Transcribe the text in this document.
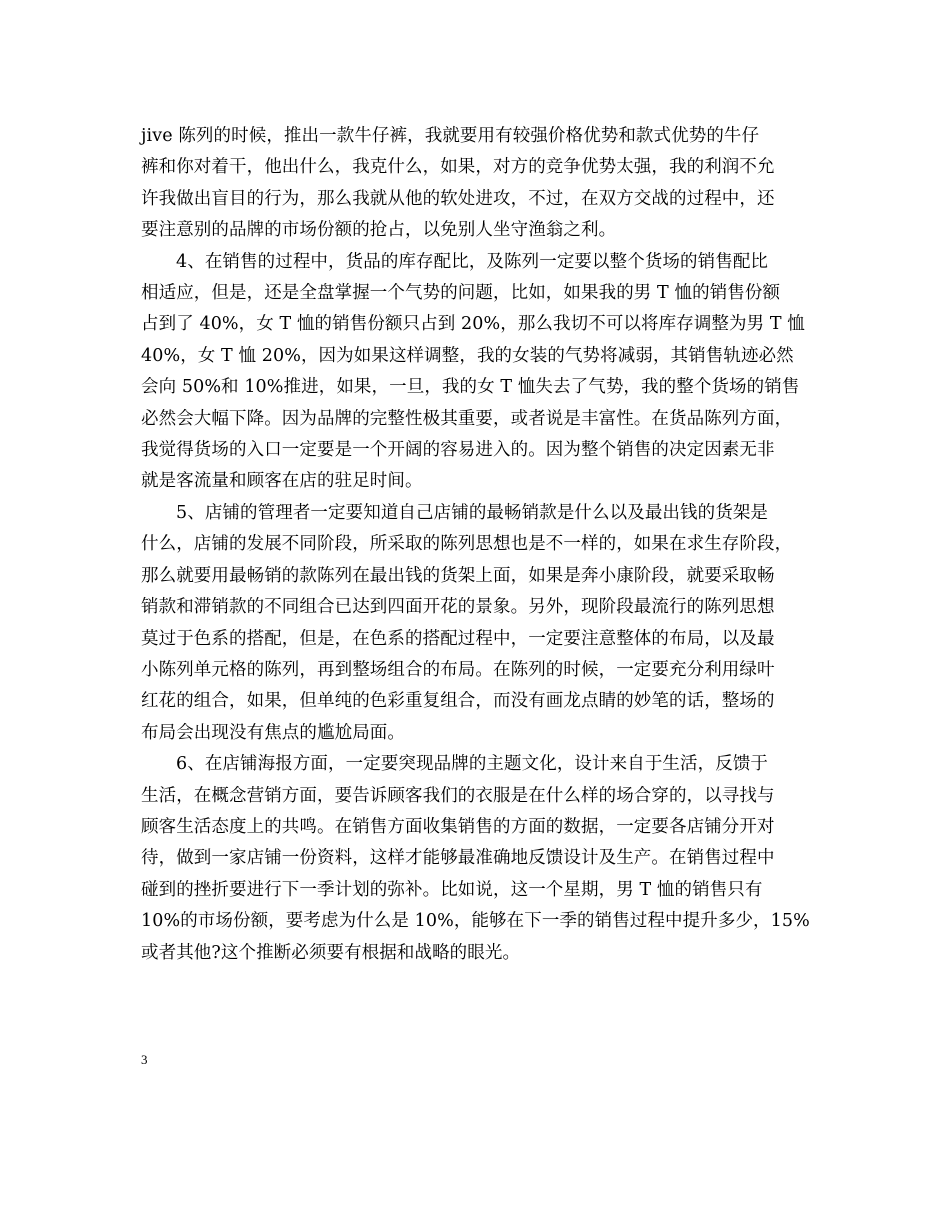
jive 陈列的时候，推出一款牛仔裤，我就要用有较强价格优势和款式优势的牛仔
裤和你对着干，他出什么，我克什么，如果，对方的竞争优势太强，我的利润不允
许我做出盲目的行为，那么我就从他的软处进攻，不过，在双方交战的过程中，还
要注意别的品牌的市场份额的抢占，以免别人坐守渔翁之利。

4、在销售的过程中，货品的库存配比，及陈列一定要以整个货场的销售配比
相适应，但是，还是全盘掌握一个气势的问题，比如，如果我的男 T 恤的销售份额
占到了 40%，女 T 恤的销售份额只占到 20%，那么我切不可以将库存调整为男 T 恤
40%，女 T 恤 20%，因为如果这样调整，我的女装的气势将减弱，其销售轨迹必然
会向 50%和 10%推进，如果，一旦，我的女 T 恤失去了气势，我的整个货场的销售
必然会大幅下降。因为品牌的完整性极其重要，或者说是丰富性。在货品陈列方面，
我觉得货场的入口一定要是一个开阔的容易进入的。因为整个销售的决定因素无非
就是客流量和顾客在店的驻足时间。

5、店铺的管理者一定要知道自己店铺的最畅销款是什么以及最出钱的货架是
什么，店铺的发展不同阶段，所采取的陈列思想也是不一样的，如果在求生存阶段，
那么就要用最畅销的款陈列在最出钱的货架上面，如果是奔小康阶段，就要采取畅
销款和滞销款的不同组合已达到四面开花的景象。另外，现阶段最流行的陈列思想
莫过于色系的搭配，但是，在色系的搭配过程中，一定要注意整体的布局，以及最
小陈列单元格的陈列，再到整场组合的布局。在陈列的时候，一定要充分利用绿叶
红花的组合，如果，但单纯的色彩重复组合，而没有画龙点睛的妙笔的话，整场的
布局会出现没有焦点的尴尬局面。

6、在店铺海报方面，一定要突现品牌的主题文化，设计来自于生活，反馈于
生活，在概念营销方面，要告诉顾客我们的衣服是在什么样的场合穿的，以寻找与
顾客生活态度上的共鸣。在销售方面收集销售的方面的数据，一定要各店铺分开对
待，做到一家店铺一份资料，这样才能够最准确地反馈设计及生产。在销售过程中
碰到的挫折要进行下一季计划的弥补。比如说，这一个星期，男 T 恤的销售只有
10%的市场份额，要考虑为什么是 10%，能够在下一季的销售过程中提升多少，15%
或者其他?这个推断必须要有根据和战略的眼光。

3
